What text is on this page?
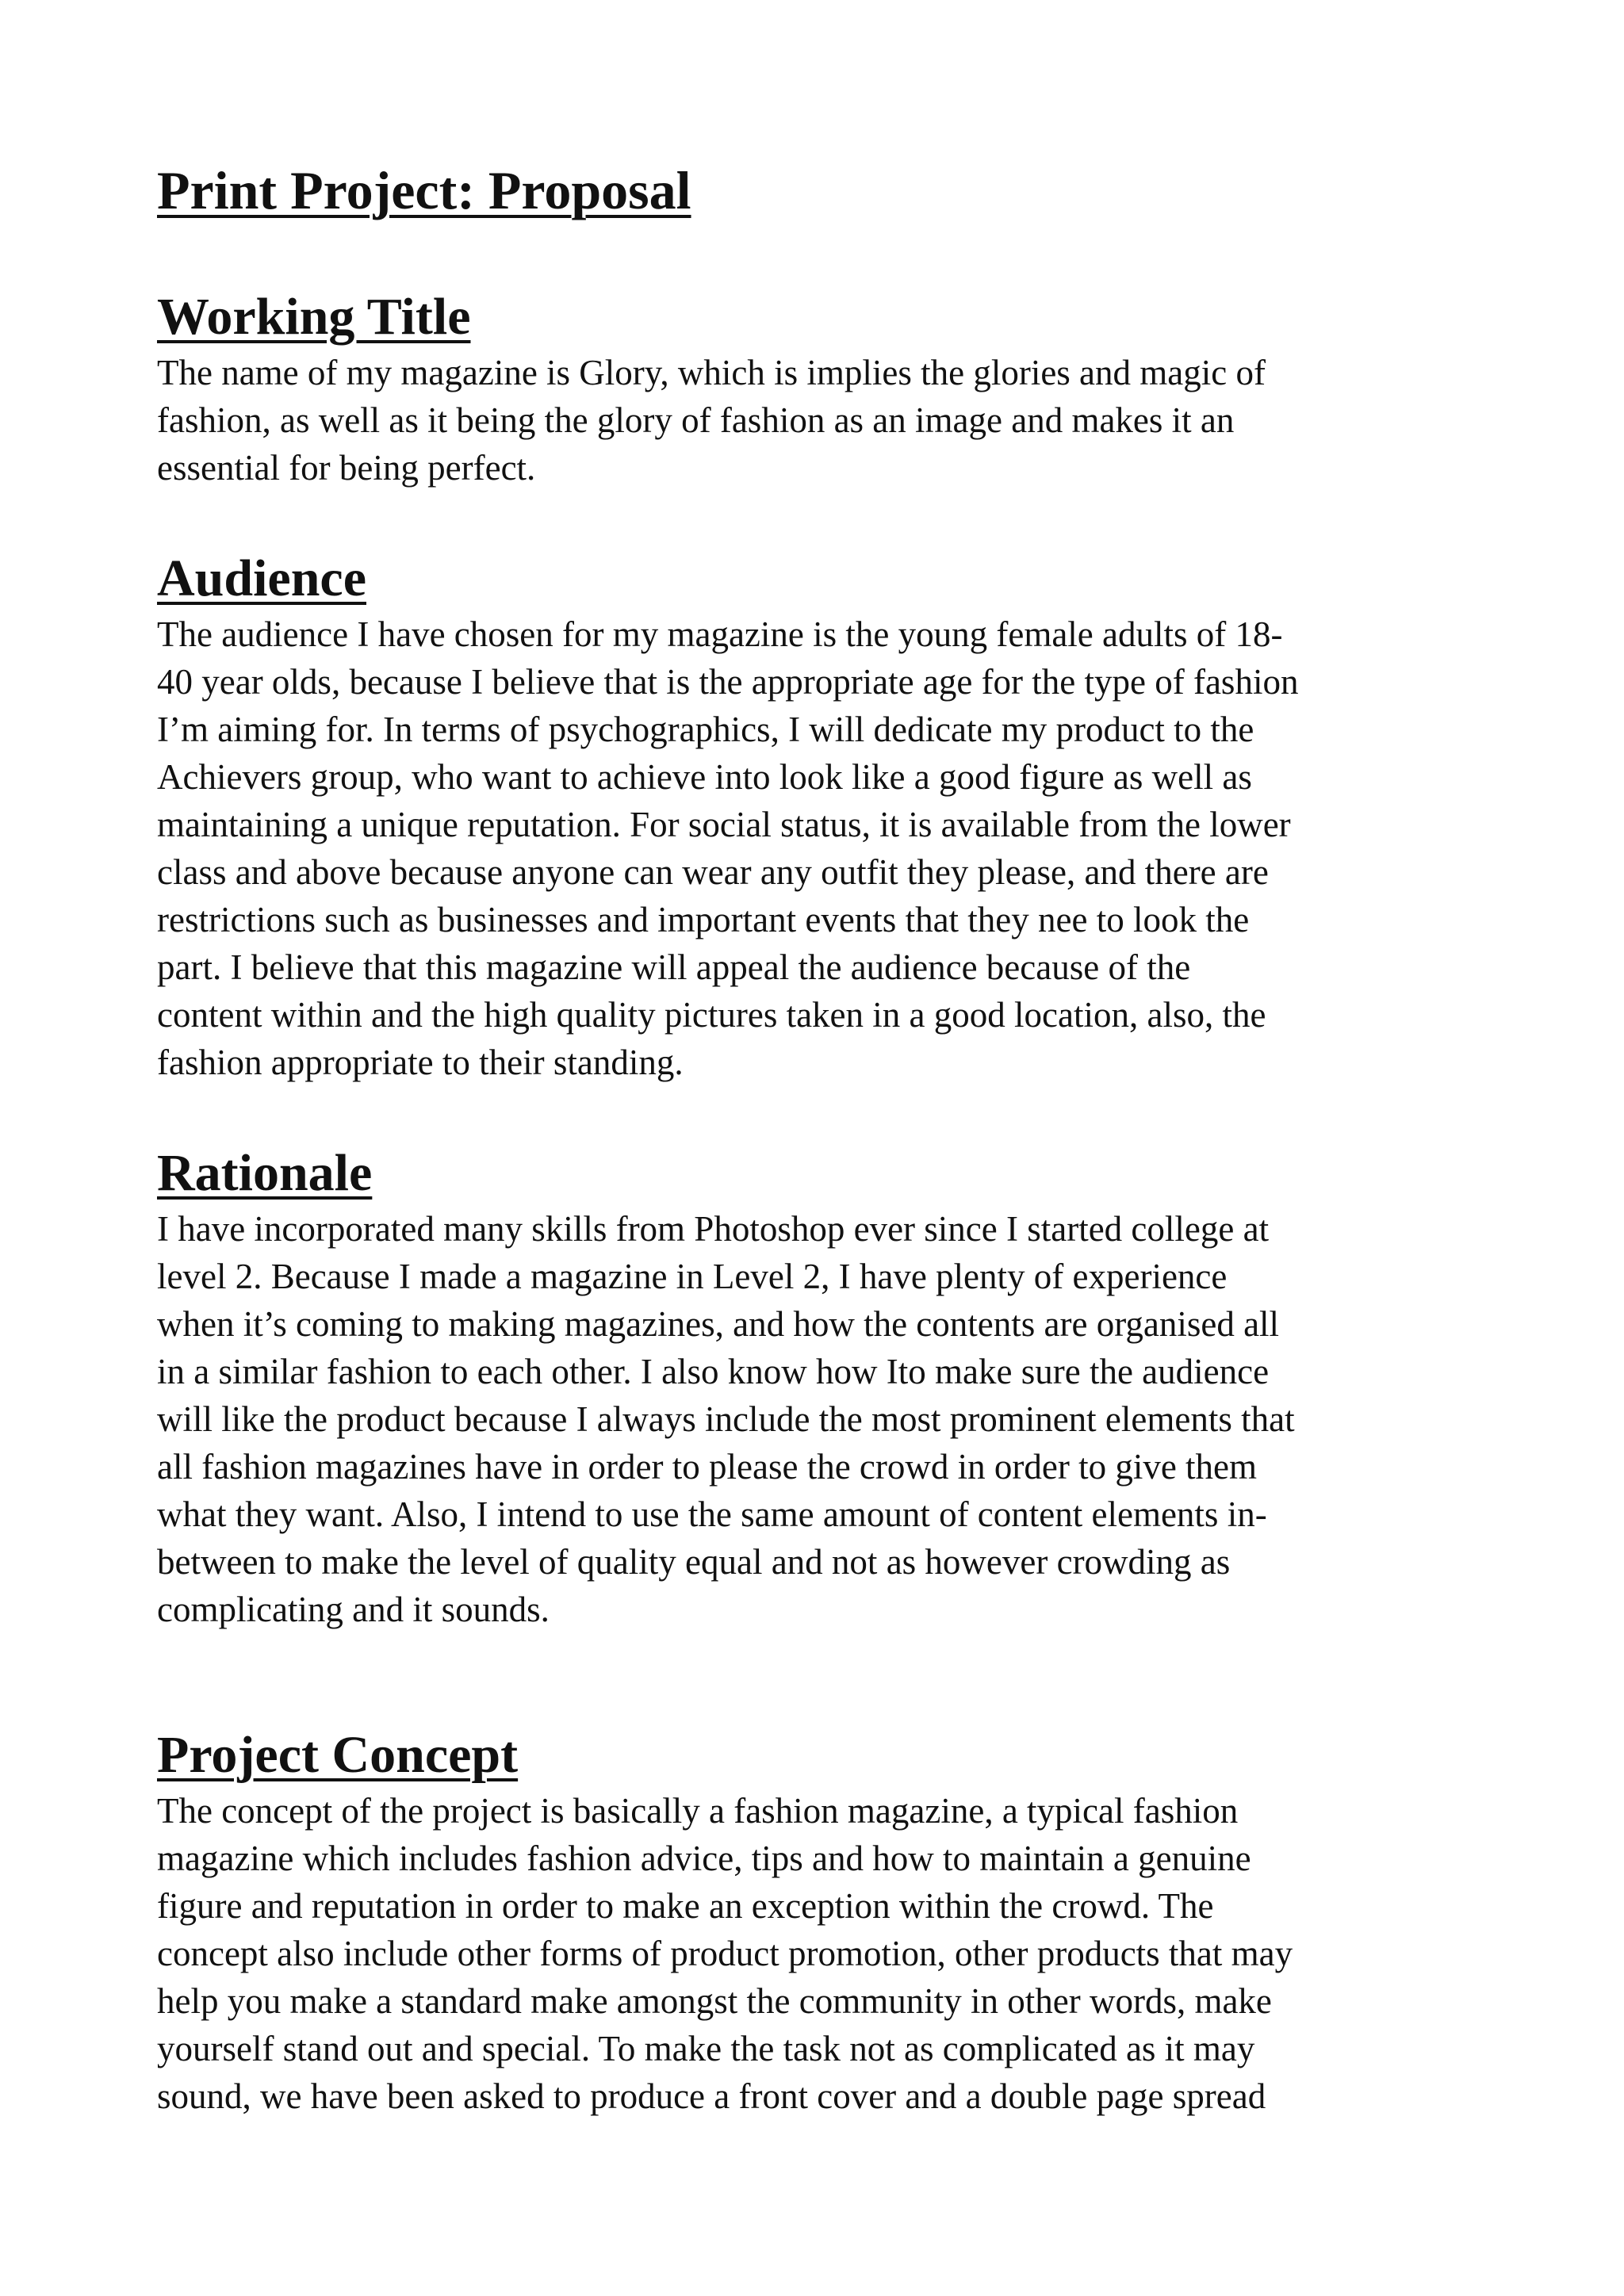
Print Project: Proposal
Working Title

The name of my magazine is Glory, which is implies the glories and magic of
fashion, as well as it being the glory of fashion as an image and makes it an
essential for being perfect.

Audience

The audience I have chosen for my magazine is the young female adults of 18-
40 year olds, because I believe that is the appropriate age for the type of fashion
I’m aiming for. In terms of psychographics, I will dedicate my product to the
Achievers group, who want to achieve into look like a good figure as well as
maintaining a unique reputation. For social status, it is available from the lower
class and above because anyone can wear any outfit they please, and there are
restrictions such as businesses and important events that they nee to look the
part. I believe that this magazine will appeal the audience because of the
content within and the high quality pictures taken in a good location, also, the
fashion appropriate to their standing.

Rationale

I have incorporated many skills from Photoshop ever since I started college at
level 2. Because I made a magazine in Level 2, I have plenty of experience
when it’s coming to making magazines, and how the contents are organised all
in a similar fashion to each other. I also know how Ito make sure the audience
will like the product because I always include the most prominent elements that
all fashion magazines have in order to please the crowd in order to give them
what they want. Also, I intend to use the same amount of content elements in-
between to make the level of quality equal and not as however crowding as
complicating and it sounds.

Project Concept

The concept of the project is basically a fashion magazine, a typical fashion
magazine which includes fashion advice, tips and how to maintain a genuine
figure and reputation in order to make an exception within the crowd. The
concept also include other forms of product promotion, other products that may
help you make a standard make amongst the community in other words, make
yourself stand out and special. To make the task not as complicated as it may
sound, we have been asked to produce a front cover and a double page spread
